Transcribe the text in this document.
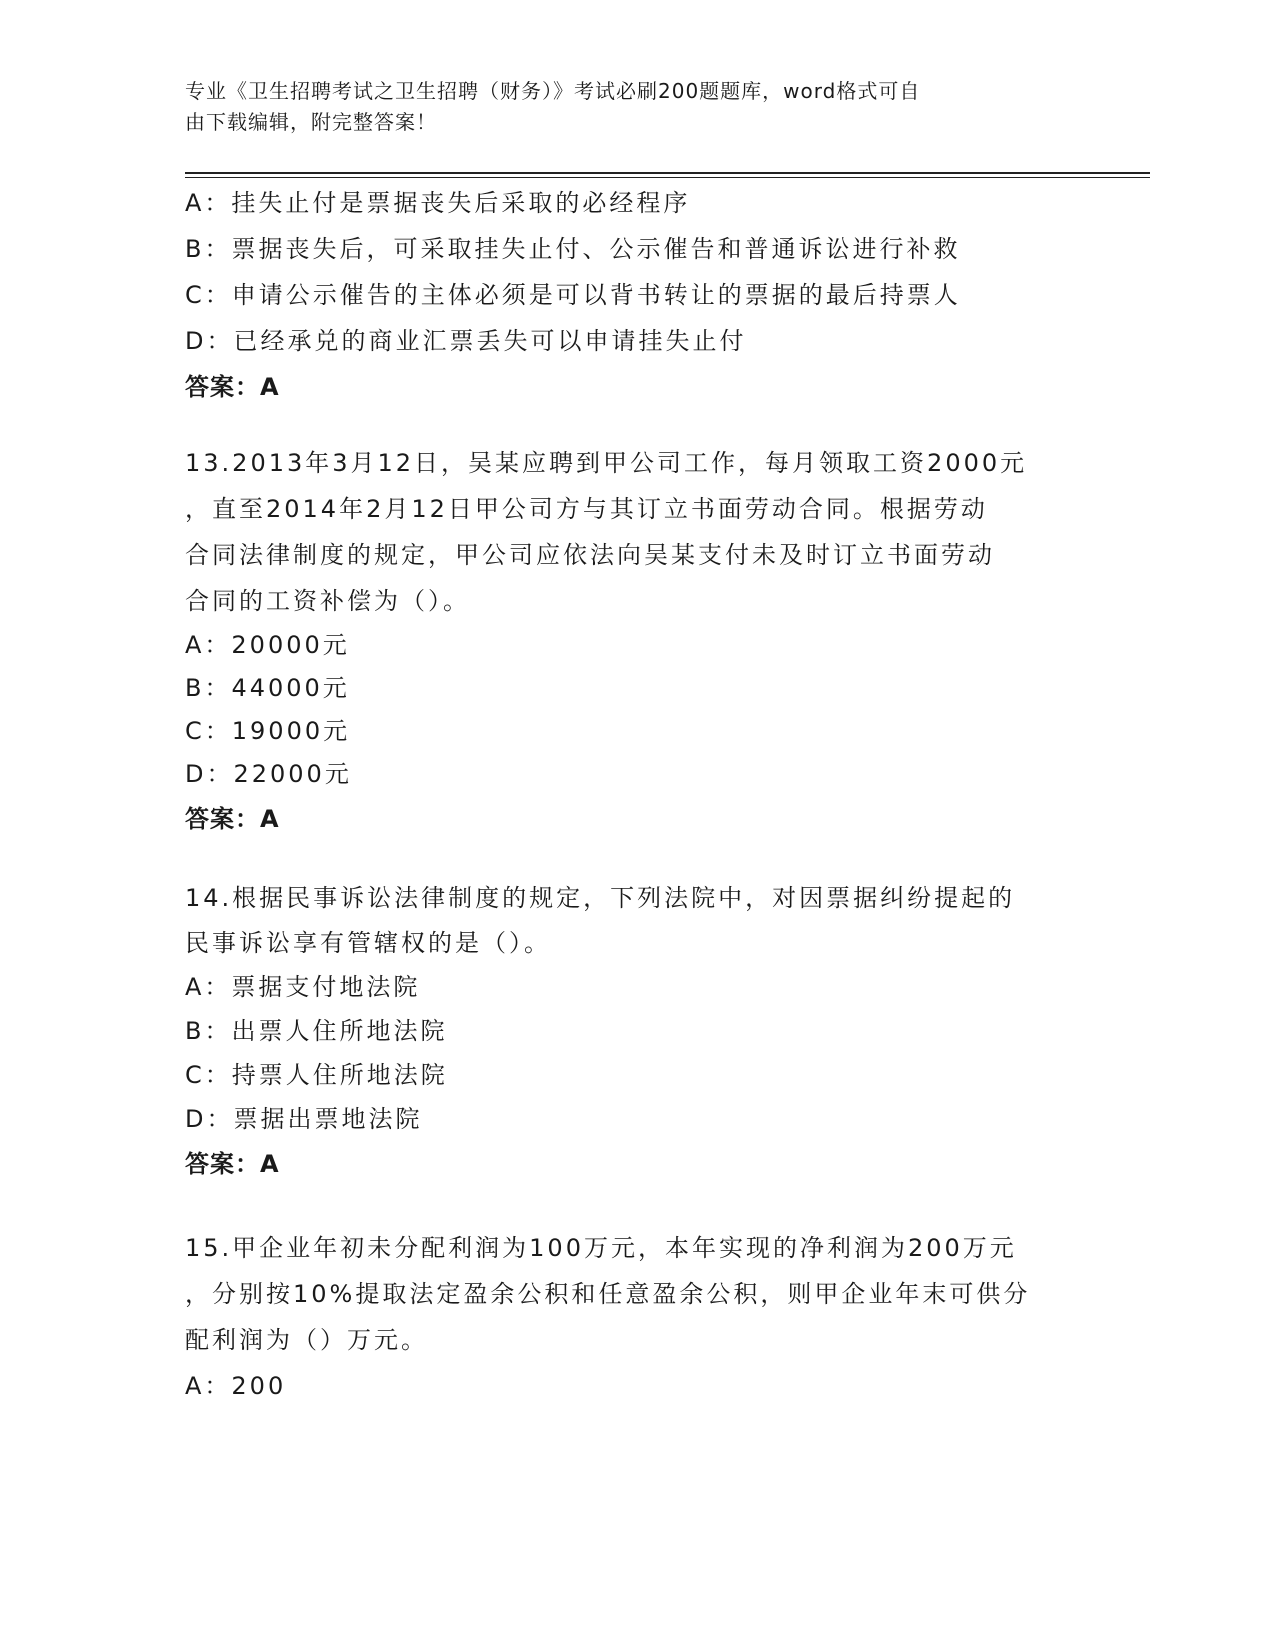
专业《卫生招聘考试之卫生招聘（财务）》考试必刷200题题库，word格式可自
由下载编辑，附完整答案！
A：挂失止付是票据丧失后采取的必经程序
B：票据丧失后，可采取挂失止付、公示催告和普通诉讼进行补救
C：申请公示催告的主体必须是可以背书转让的票据的最后持票人
D：已经承兑的商业汇票丢失可以申请挂失止付
答案：A
13.2013年3月12日，吴某应聘到甲公司工作，每月领取工资2000元
，直至2014年2月12日甲公司方与其订立书面劳动合同。根据劳动
合同法律制度的规定，甲公司应依法向吴某支付未及时订立书面劳动
合同的工资补偿为（）。
A：20000元
B：44000元
C：19000元
D：22000元
答案：A
14.根据民事诉讼法律制度的规定，下列法院中，对因票据纠纷提起的
民事诉讼享有管辖权的是（）。
A：票据支付地法院
B：出票人住所地法院
C：持票人住所地法院
D：票据出票地法院
答案：A
15.甲企业年初未分配利润为100万元，本年实现的净利润为200万元
，分别按10%提取法定盈余公积和任意盈余公积，则甲企业年末可供分
配利润为（）万元。
A：200
